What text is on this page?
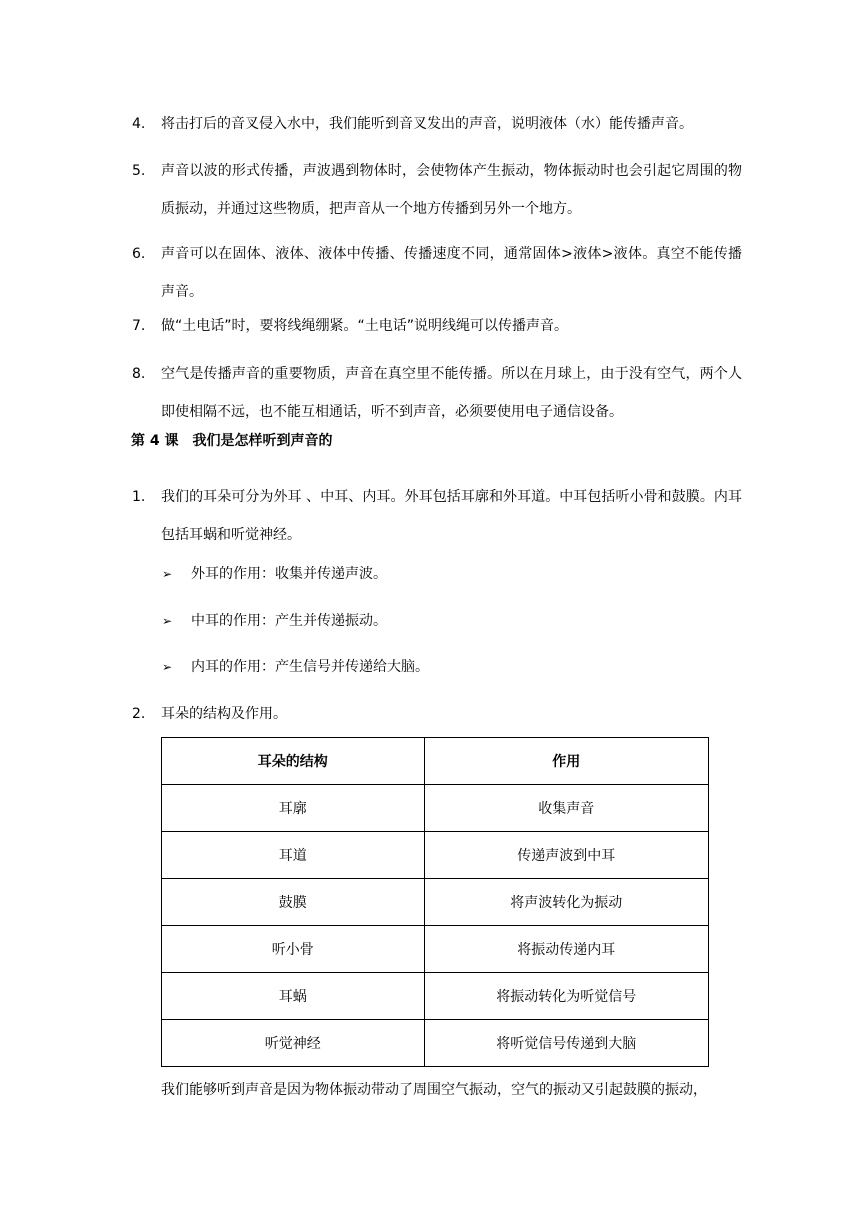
4.	将击打后的音叉侵入水中，我们能听到音叉发出的声音，说明液体（水）能传播声音。
5.	声音以波的形式传播，声波遇到物体时，会使物体产生振动，物体振动时也会引起它周围的物质振动，并通过这些物质，把声音从一个地方传播到另外一个地方。
6.	声音可以在固体、液体、液体中传播、传播速度不同，通常固体>液体>液体。真空不能传播声音。
7.	做“土电话”时，要将线绳绷紧。“土电话”说明线绳可以传播声音。
8.	空气是传播声音的重要物质，声音在真空里不能传播。所以在月球上，由于没有空气，两个人即使相隔不远，也不能互相通话，听不到声音，必须要使用电子通信设备。
第 4 课　我们是怎样听到声音的
1.	我们的耳朵可分为外耳 、中耳、内耳。外耳包括耳廓和外耳道。中耳包括听小骨和鼓膜。内耳包括耳蜗和听觉神经。
➢ 外耳的作用：收集并传递声波。
➢ 中耳的作用：产生并传递振动。
➢ 内耳的作用：产生信号并传递给大脑。
2.	耳朵的结构及作用。
耳朵的结构	作用
耳廓	收集声音
耳道	传递声波到中耳
鼓膜	将声波转化为振动
听小骨	将振动传递内耳
耳蜗	将振动转化为听觉信号
听觉神经	将听觉信号传递到大脑
我们能够听到声音是因为物体振动带动了周围空气振动，空气的振动又引起鼓膜的振动，
